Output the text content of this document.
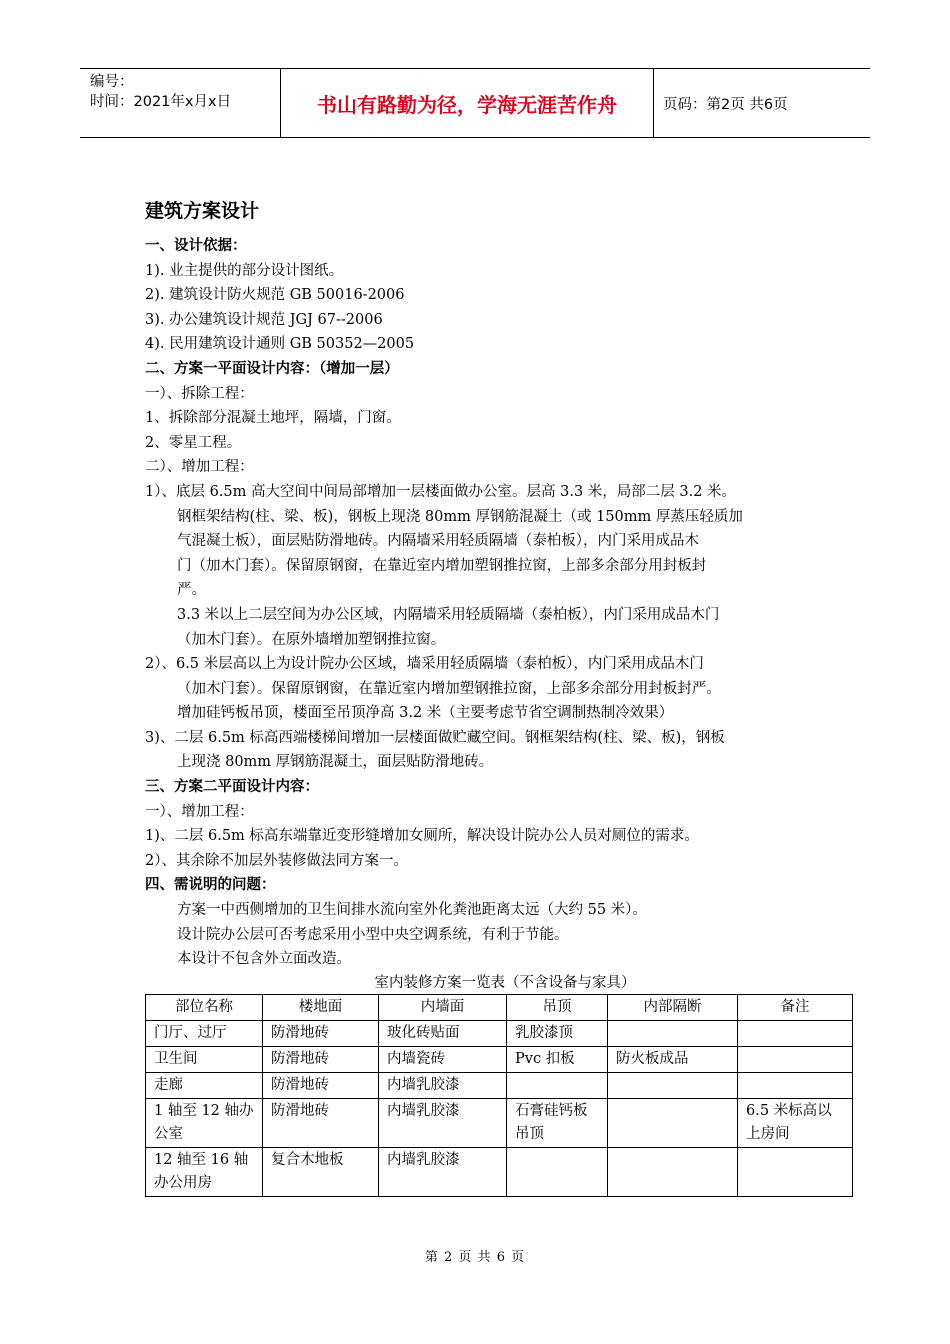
编号：
时间：2021年x月x日	书山有路勤为径，学海无涯苦作舟	页码：第2页 共6页
建筑方案设计
一、设计依据：
1). 业主提供的部分设计图纸。
2). 建筑设计防火规范 GB 50016-2006
3). 办公建筑设计规范 JGJ 67--2006
4). 民用建筑设计通则 GB 50352—2005
二、方案一平面设计内容：（增加一层）
一）、拆除工程：
1、拆除部分混凝土地坪，隔墙，门窗。
2、零星工程。
二）、增加工程：
1）、底层 6.5m 高大空间中间局部增加一层楼面做办公室。层高 3.3 米，局部二层 3.2 米。
钢框架结构(柱、梁、板)，钢板上现浇 80mm 厚钢筋混凝土（或 150mm 厚蒸压轻质加
气混凝土板），面层贴防滑地砖。内隔墙采用轻质隔墙（泰柏板），内门采用成品木
门（加木门套）。保留原钢窗，在靠近室内增加塑钢推拉窗，上部多余部分用封板封
严。
3.3 米以上二层空间为办公区域，内隔墙采用轻质隔墙（泰柏板），内门采用成品木门
（加木门套）。在原外墙增加塑钢推拉窗。
2）、6.5 米层高以上为设计院办公区域，墙采用轻质隔墙（泰柏板），内门采用成品木门
（加木门套）。保留原钢窗，在靠近室内增加塑钢推拉窗，上部多余部分用封板封严。
增加硅钙板吊顶，楼面至吊顶净高 3.2 米（主要考虑节省空调制热制冷效果）
3)、二层 6.5m 标高西端楼梯间增加一层楼面做贮藏空间。钢框架结构(柱、梁、板)，钢板
上现浇 80mm 厚钢筋混凝土，面层贴防滑地砖。
三、方案二平面设计内容：
一）、增加工程：
1)、二层 6.5m 标高东端靠近变形缝增加女厕所，解决设计院办公人员对厕位的需求。
2）、其余除不加层外装修做法同方案一。
四、需说明的问题：
方案一中西侧增加的卫生间排水流向室外化粪池距离太远（大约 55 米）。
设计院办公层可否考虑采用小型中央空调系统，有利于节能。
本设计不包含外立面改造。
室内装修方案一览表（不含设备与家具）
部位名称	楼地面	内墙面	吊顶	内部隔断	备注
门厅、过厅	防滑地砖	玻化砖贴面	乳胶漆顶		
卫生间	防滑地砖	内墙瓷砖	Pvc 扣板	防火板成品	
走廊	防滑地砖	内墙乳胶漆			
1 轴至 12 轴办公室	防滑地砖	内墙乳胶漆	石膏硅钙板吊顶		6.5 米标高以上房间
12 轴至 16 轴办公用房	复合木地板	内墙乳胶漆			
第 2 页 共 6 页
